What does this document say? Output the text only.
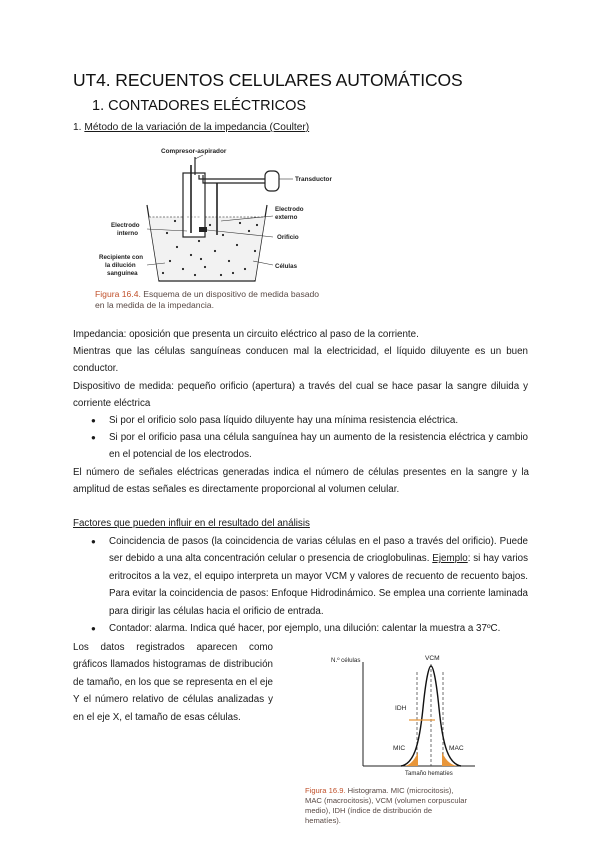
UT4. RECUENTOS CELULARES AUTOMÁTICOS
1. CONTADORES ELÉCTRICOS

1. Método de la variación de la impedancia (Coulter)

Compresor-aspirador
Transductor
Electrodo
externo
Orificio
Electrodo
interno
Recipiente con
la dilución
sanguínea
Células
Figura 16.4. Esquema de un dispositivo de medida basado en la medida de la impedancia.

Impedancia: oposición que presenta un circuito eléctrico al paso de la corriente.

Mientras que las células sanguíneas conducen mal la electricidad, el líquido diluyente es un buen conductor.

Dispositivo de medida: pequeño orificio (apertura) a través del cual se hace pasar la sangre diluida y corriente eléctrica

● Si por el orificio solo pasa líquido diluyente hay una mínima resistencia eléctrica.

● Si por el orificio pasa una célula sanguínea hay un aumento de la resistencia eléctrica y cambio en el potencial de los electrodos.

El número de señales eléctricas generadas indica el número de células presentes en la sangre y la amplitud de estas señales es directamente proporcional al volumen celular.

Factores que pueden influir en el resultado del análisis

● Coincidencia de pasos (la coincidencia de varias células en el paso a través del orificio). Puede ser debido a una alta concentración celular o presencia de crioglobulinas. Ejemplo: si hay varios eritrocitos a la vez, el equipo interpreta un mayor VCM y valores de recuento de recuento bajos. Para evitar la coincidencia de pasos: Enfoque Hidrodinámico. Se emplea una corriente laminada para dirigir las células hacia el orificio de entrada.

● Contador: alarma. Indica qué hacer, por ejemplo, una dilución: calentar la muestra a 37ºC.

Los datos registrados aparecen como gráficos llamados histogramas de distribución de tamaño, en los que se representa en el eje Y el número relativo de células analizadas y en el eje X, el tamaño de esas células.

VCM
N.º células
IDH
MIC	MAC
Tamaño hematíes
Figura 16.9. Histograma. MIC (microcitosis), MAC (macrocitosis), VCM (volumen corpuscular medio), IDH (índice de distribución de hematíes).
